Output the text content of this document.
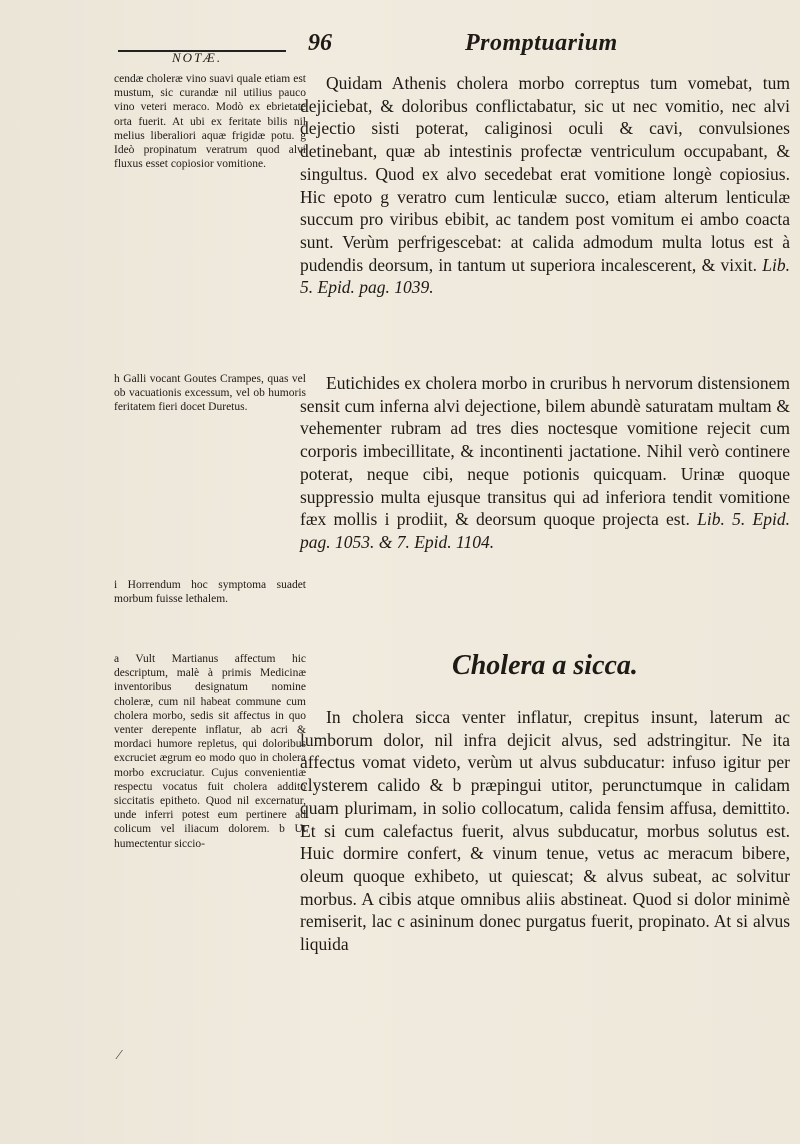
NOTÆ.
96	Promptuarium

cendæ choleræ vino suavi quale etiam est mustum, sic curandæ nil utilius pauco vino veteri meraco. Modò ex ebrietate orta fuerit. At ubi ex feritate bilis nil melius liberaliori aquæ frigidæ potu. g Ideò propinatum veratrum quod alvi fluxus esset copiosior vomitione.

h Galli vocant Goutes Crampes, quas vel ob vacuationis excessum, vel ob humoris feritatem fieri docet Duretus.

i Horrendum hoc symptoma suadet morbum fuisse lethalem.

a Vult Martianus affectum hic descriptum, malè à primis Medicinæ inventoribus designatum nomine choleræ, cum nil habeat commune cum cholera morbo, sedis sit affectus in quo venter derepente inflatur, ab acri & mordaci humore repletus, qui doloribus excruciet ægrum eo modo quo in cholera morbo excruciatur. Cujus convenientiæ respectu vocatus fuit cholera addito siccitatis epitheto. Quod nil excernatur, unde inferri potest eum pertinere ad colicum vel iliacum dolorem. b Ut humectentur siccio-

Quidam Athenis cholera morbo correptus tum vomebat, tum dejiciebat, & doloribus conflictabatur, sic ut nec vomitio, nec alvi dejectio sisti poterat, caliginosi oculi & cavi, convulsiones detinebant, quæ ab intestinis profectæ ventriculum occupabant, & singultus. Quod ex alvo secedebat erat vomitione longè copiosius. Hic epoto g veratro cum lenticulæ succo, etiam alterum lenticulæ succum pro viribus ebibit, ac tandem post vomitum ei ambo coacta sunt. Verùm perfrigescebat: at calida admodum multa lotus est à pudendis deorsum, in tantum ut superiora incalescerent, & vixit. Lib. 5. Epid. pag. 1039.

Eutichides ex cholera morbo in cruribus h nervorum distensionem sensit cum inferna alvi dejectione, bilem abundè saturatam multam & vehementer rubram ad tres dies noctesque vomitione rejecit cum corporis imbecillitate, & incontinenti jactatione. Nihil verò continere poterat, neque cibi, neque potionis quicquam. Urinæ quoque suppressio multa ejusque transitus qui ad inferiora tendit vomitione fæx mollis i prodiit, & deorsum quoque projecta est. Lib. 5. Epid. pag. 1053. & 7. Epid. 1104.

Cholera a sicca.

In cholera sicca venter inflatur, crepitus insunt, laterum ac lumborum dolor, nil infra dejicit alvus, sed adstringitur. Ne ita affectus vomat videto, verùm ut alvus subducatur: infuso igitur per clysterem calido & b præpingui utitor, perunctumque in calidam quam plurimam, in solio collocatum, calida fensim affusa, demittito. Et si cum calefactus fuerit, alvus subducatur, morbus solutus est. Huic dormire confert, & vinum tenue, vetus ac meracum bibere, oleum quoque exhibeto, ut quiescat; & alvus subeat, ac solvitur morbus. A cibis atque omnibus aliis abstineat. Quod si dolor minimè remiserit, lac c asininum donec purgatus fuerit, propinato. At si alvus liquida

⁄
